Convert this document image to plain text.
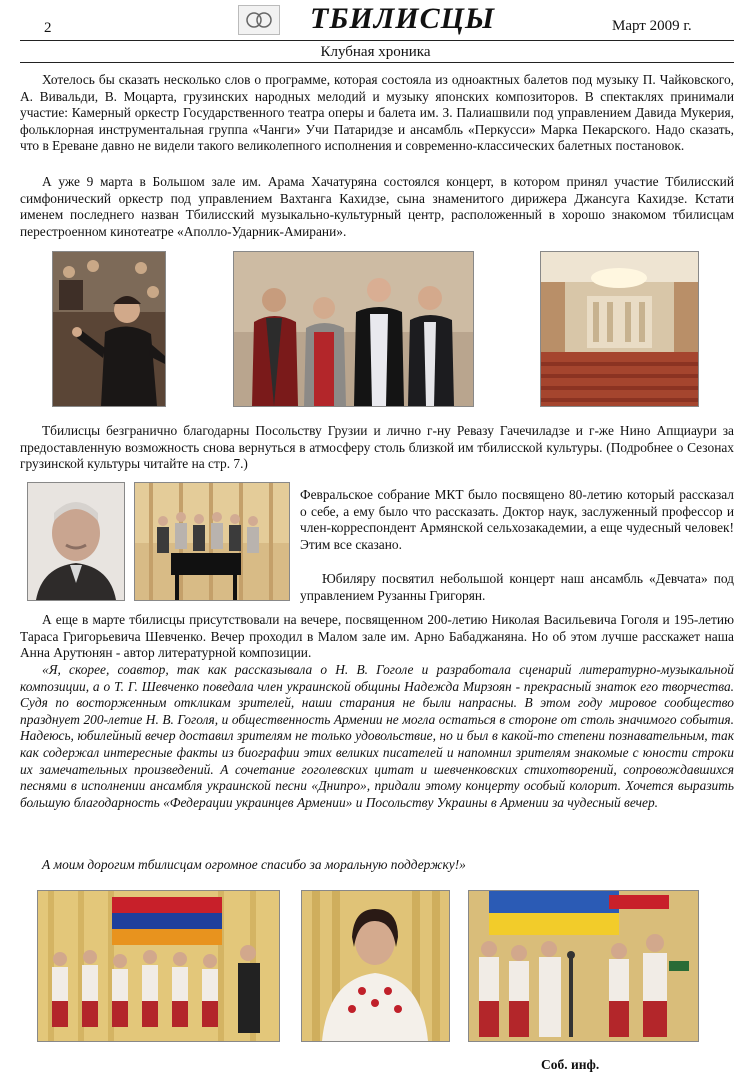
2	ТБИЛИСЦЫ	Март 2009 г.
Клубная хроника
Хотелось бы сказать несколько слов о программе, которая состояла из одноактных балетов под музыку П. Чайковского, А. Вивальди, В. Моцарта, грузинских народных мелодий и музыку японских композиторов. В спектаклях принимали участие: Камерный оркестр Государственного театра оперы и балета им. З. Палиашвили под управлением Давида Мукерия, фольклорная инструментальная группа «Чанги» Учи Патаридзе и ансамбль «Перкусси» Марка Пекарского. Надо сказать, что в Ереване давно не видели такого великолепного исполнения и современно-классических балетных постановок.
А уже 9 марта в Большом зале им. Арама Хачатуряна состоялся концерт, в котором принял участие Тбилисский симфонический оркестр под управлением Вахтанга Кахидзе, сына знаменитого дирижера Джансуга Кахидзе. Кстати именем последнего назван Тбилисский музыкально-культурный центр, расположенный в хорошо знакомом тбилисцам перестроенном кинотеатре «Аполло-Ударник-Амирани».
Тбилисцы безгранично благодарны Посольству Грузии и лично г-ну Ревазу Гачечиладзе и г-же Нино Апщиаури за предоставленную возможность снова вернуться в атмосферу столь близкой им тбилисской культуры. (Подробнее о Сезонах грузинской культуры читайте на стр. 7.)
Февральское собрание МКТ было посвящено 80-летию который рассказал о себе, а ему было что рассказать. Доктор наук, заслуженный профессор и член-корреспондент Армянской сельхозакадемии, а еще чудесный человек! Этим все сказано.
Юбиляру посвятил небольшой концерт наш ансамбль «Девчата» под управлением Рузанны Григорян.
А еще в марте тбилисцы присутствовали на вечере, посвященном 200-летию Николая Васильевича Гоголя и 195-летию Тараса Григорьевича Шевченко. Вечер проходил в Малом зале им. Арно Бабаджаняна. Но об этом лучше расскажет наша Анна Арутюнян - автор литературной композиции.
«Я, скорее, соавтор, так как рассказывала о Н. В. Гоголе и разработала сценарий литературно-музыкальной композиции, а о Т. Г. Шевченко поведала член украинской общины Надежда Мирзоян - прекрасный знаток его творчества. Судя по восторженным откликам зрителей, наши старания не были напрасны. В этом году мировое сообщество празднует 200-летие Н. В. Гоголя, и общественность Армении не могла остаться в стороне от столь значимого события. Надеюсь, юбилейный вечер доставил зрителям не только удовольствие, но и был в какой-то степени познавательным, так как содержал интересные факты из биографии этих великих писателей и напомнил зрителям знакомые с юности строки их замечательных произведений. А сочетание гоголевских цитат и шевченковских стихотворений, сопровождавшихся песнями в исполнении ансамбля украинской песни «Днипро», придали этому концерту особый колорит. Хочется выразить большую благодарность «Федерации украинцев Армении» и Посольству Украины в Армении за чудесный вечер.
А моим дорогим тбилисцам огромное спасибо за моральную поддержку!»
Соб. инф.
